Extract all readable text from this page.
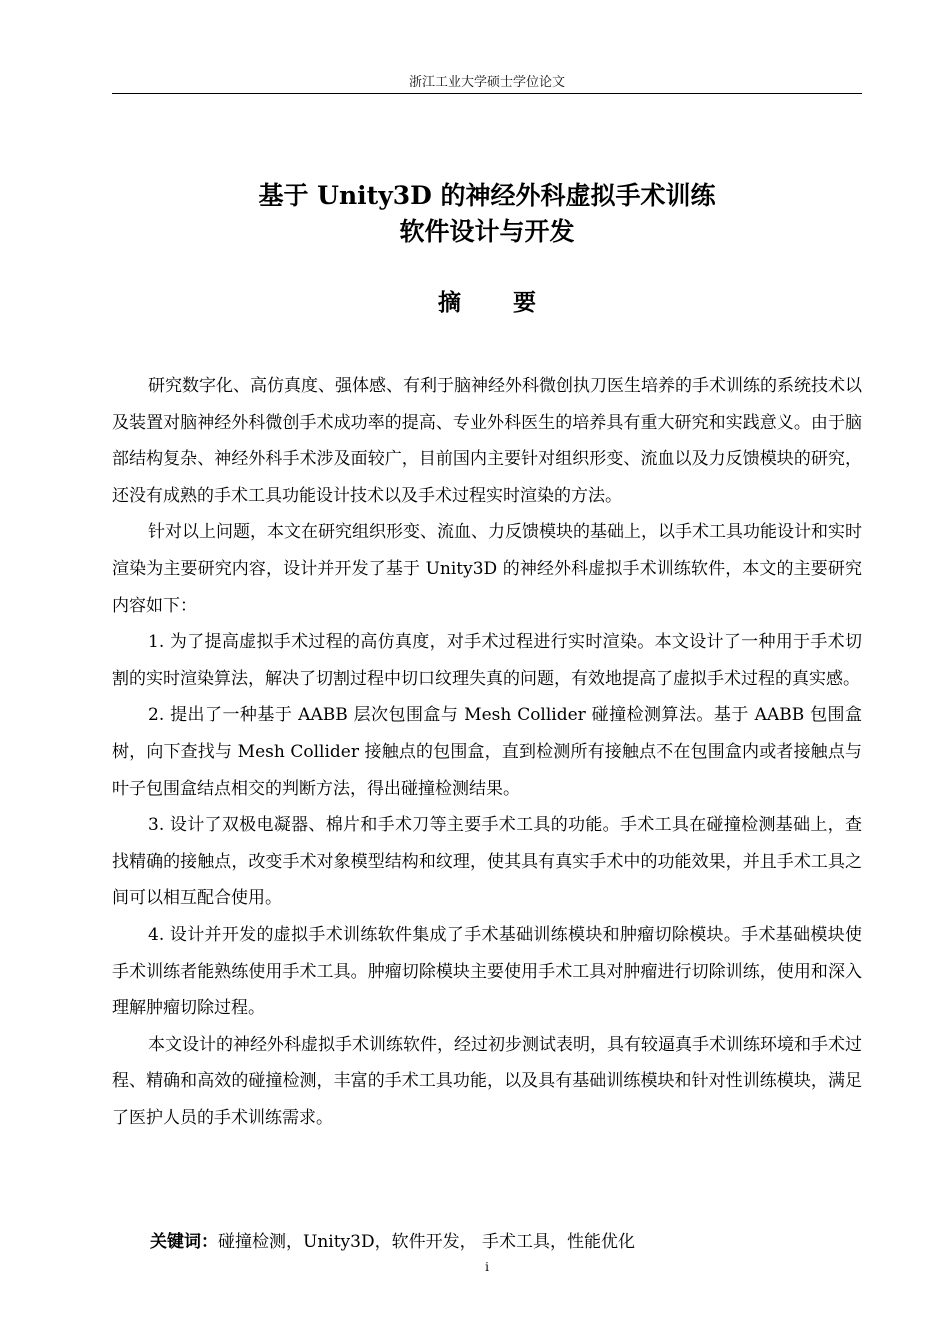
浙江工业大学硕士学位论文
基于 Unity3D 的神经外科虚拟手术训练
软件设计与开发
摘要

研究数字化、高仿真度、强体感、有利于脑神经外科微创执刀医生培养的手术训练的系统技术以及装置对脑神经外科微创手术成功率的提高、专业外科医生的培养具有重大研究和实践意义。由于脑部结构复杂、神经外科手术涉及面较广，目前国内主要针对组织形变、流血以及力反馈模块的研究，还没有成熟的手术工具功能设计技术以及手术过程实时渲染的方法。

针对以上问题，本文在研究组织形变、流血、力反馈模块的基础上，以手术工具功能设计和实时渲染为主要研究内容，设计并开发了基于 Unity3D 的神经外科虚拟手术训练软件，本文的主要研究内容如下：

1. 为了提高虚拟手术过程的高仿真度，对手术过程进行实时渲染。本文设计了一种用于手术切割的实时渲染算法，解决了切割过程中切口纹理失真的问题，有效地提高了虚拟手术过程的真实感。

2. 提出了一种基于 AABB 层次包围盒与 Mesh Collider 碰撞检测算法。基于 AABB 包围盒树，向下查找与 Mesh Collider 接触点的包围盒，直到检测所有接触点不在包围盒内或者接触点与叶子包围盒结点相交的判断方法，得出碰撞检测结果。

3. 设计了双极电凝器、棉片和手术刀等主要手术工具的功能。手术工具在碰撞检测基础上，查找精确的接触点，改变手术对象模型结构和纹理，使其具有真实手术中的功能效果，并且手术工具之间可以相互配合使用。

4. 设计并开发的虚拟手术训练软件集成了手术基础训练模块和肿瘤切除模块。手术基础模块使手术训练者能熟练使用手术工具。肿瘤切除模块主要使用手术工具对肿瘤进行切除训练，使用和深入理解肿瘤切除过程。

本文设计的神经外科虚拟手术训练软件，经过初步测试表明，具有较逼真手术训练环境和手术过程、精确和高效的碰撞检测，丰富的手术工具功能，以及具有基础训练模块和针对性训练模块，满足了医护人员的手术训练需求。

关键词：碰撞检测，Unity3D，软件开发， 手术工具，性能优化
i
